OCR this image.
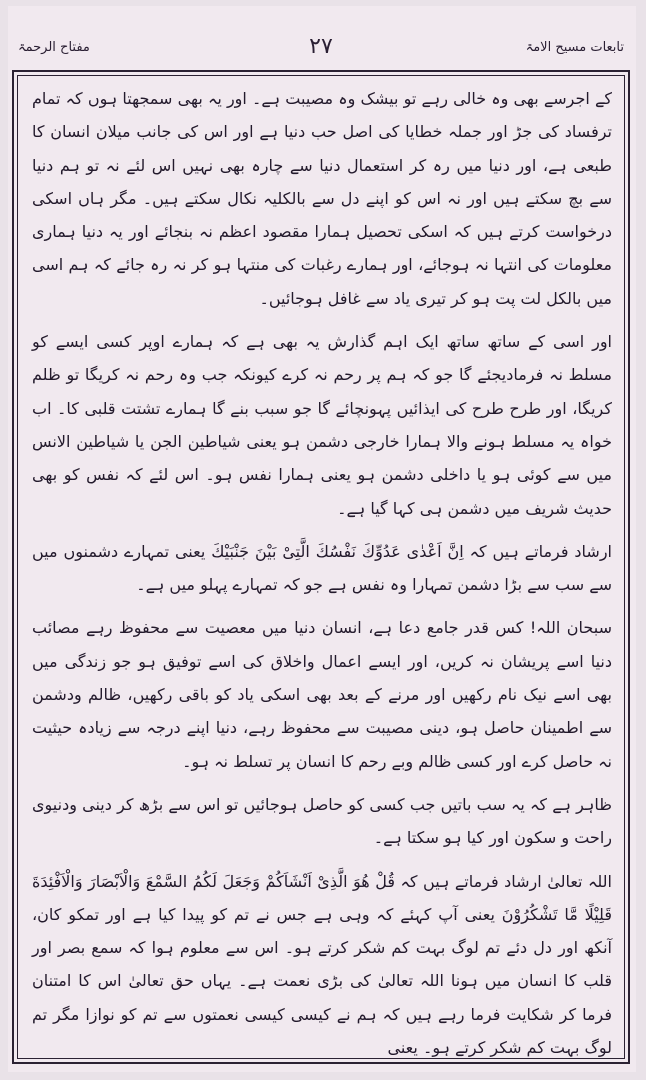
تابعات مسیح الامۃ
۲۷
مفتاح الرحمۃ

کے اجرسے بھی وہ خالی رہے تو بیشک وہ مصیبت ہے۔ اور یہ بھی سمجھتا ہوں کہ تمام ترفساد کی جڑ اور جملہ خطایا کی اصل حب دنیا ہے اور اس کی جانب میلان انسان کا طبعی ہے، اور دنیا میں رہ کر استعمال دنیا سے چارہ بھی نہیں اس لئے نہ تو ہم دنیا سے بچ سکتے ہیں اور نہ اس کو اپنے دل سے بالکلیہ نکال سکتے ہیں۔ مگر ہاں اسکی درخواست کرتے ہیں کہ اسکی تحصیل ہمارا مقصود اعظم نہ بنجائے اور یہ دنیا ہماری معلومات کی انتہا نہ ہوجائے، اور ہمارے رغبات کی منتہا ہو کر نہ رہ جائے کہ ہم اسی میں بالکل لت پت ہو کر تیری یاد سے غافل ہوجائیں۔

اور اسی کے ساتھ ساتھ ایک اہم گذارش یہ بھی ہے کہ ہمارے اوپر کسی ایسے کو مسلط نہ فرمادیجئے گا جو کہ ہم پر رحم نہ کرے کیونکہ جب وہ رحم نہ کریگا تو ظلم کریگا، اور طرح طرح کی ایذائیں پہونچائے گا جو سبب بنے گا ہمارے تشتت قلبی کا۔ اب خواہ یہ مسلط ہونے والا ہمارا خارجی دشمن ہو یعنی شیاطین الجن یا شیاطین الانس میں سے کوئی ہو یا داخلی دشمن ہو یعنی ہمارا نفس ہو۔ اس لئے کہ نفس کو بھی حدیث شریف میں دشمن ہی کہا گیا ہے۔

ارشاد فرماتے ہیں کہ اِنَّ اَعْدٰی عَدُوِّكَ نَفْسُكَ الَّتِیْ بَیْنَ جَنْبَیْكَ یعنی تمہارے دشمنوں میں سے سب سے بڑا دشمن تمہارا وہ نفس ہے جو کہ تمہارے پہلو میں ہے۔

سبحان اللہ! کس قدر جامع دعا ہے، انسان دنیا میں معصیت سے محفوظ رہے مصائب دنیا اسے پریشان نہ کریں، اور ایسے اعمال واخلاق کی اسے توفیق ہو جو زندگی میں بھی اسے نیک نام رکھیں اور مرنے کے بعد بھی اسکی یاد کو باقی رکھیں، ظالم ودشمن سے اطمینان حاصل ہو، دینی مصیبت سے محفوظ رہے، دنیا اپنے درجہ سے زیادہ حیثیت نہ حاصل کرے اور کسی ظالم وبے رحم کا انسان پر تسلط نہ ہو۔

ظاہر ہے کہ یہ سب باتیں جب کسی کو حاصل ہوجائیں تو اس سے بڑھ کر دینی ودنیوی راحت و سکون اور کیا ہو سکتا ہے۔

اللہ تعالیٰ ارشاد فرماتے ہیں کہ قُلْ هُوَ الَّذِیْ اَنْشَاَكُمْ وَجَعَلَ لَكُمُ السَّمْعَ وَالْاَبْصَارَ وَالْاَفْئِدَةَ قَلِیْلًا مَّا تَشْكُرُوْنَ یعنی آپ کہئے کہ وہی ہے جس نے تم کو پیدا کیا ہے اور تمکو کان، آنکھ اور دل دئے تم لوگ بہت کم شکر کرتے ہو۔ اس سے معلوم ہوا کہ سمع بصر اور قلب کا انسان میں ہونا اللہ تعالیٰ کی بڑی نعمت ہے۔ یہاں حق تعالیٰ اس کا امتنان فرما کر شکایت فرما رہے ہیں کہ ہم نے کیسی کیسی نعمتوں سے تم کو نوازا مگر تم لوگ بہت کم شکر کرتے ہو۔ یعنی
